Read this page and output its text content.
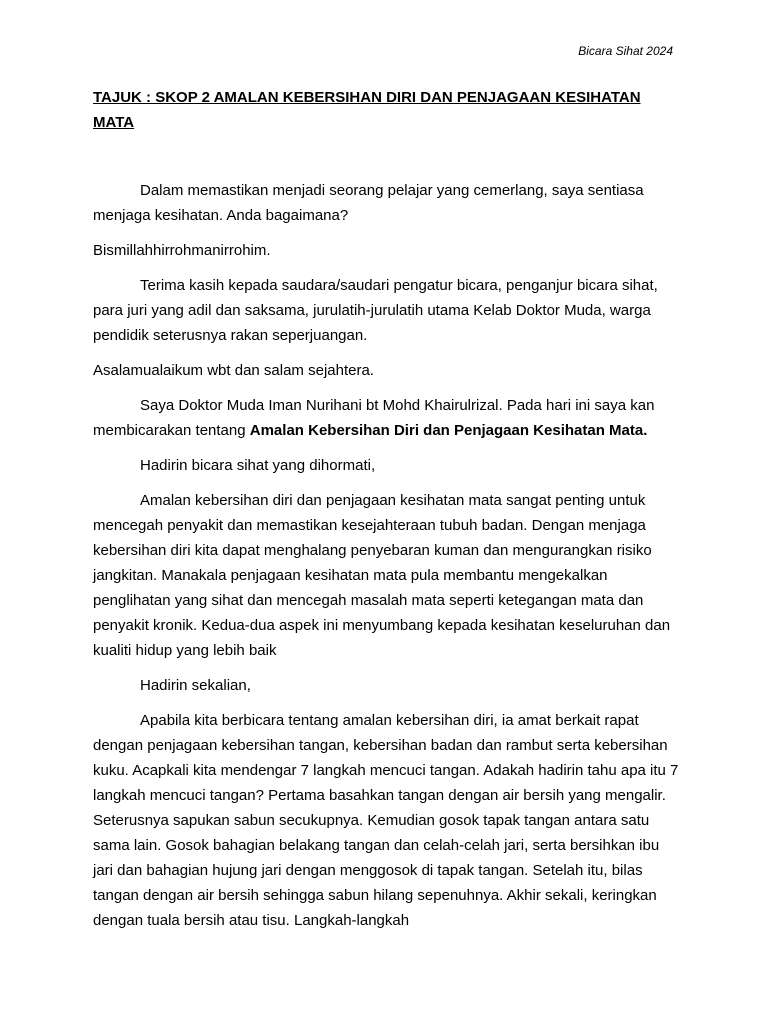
Bicara Sihat 2024
TAJUK : SKOP 2 AMALAN KEBERSIHAN DIRI DAN PENJAGAAN KESIHATAN MATA

Dalam memastikan menjadi seorang pelajar yang cemerlang, saya sentiasa menjaga kesihatan. Anda bagaimana?

Bismillahhirrohmanirrohim.

Terima kasih kepada saudara/saudari pengatur bicara, penganjur bicara sihat, para juri yang adil dan saksama, jurulatih-jurulatih utama Kelab Doktor Muda, warga pendidik seterusnya rakan seperjuangan.

Asalamualaikum wbt dan salam sejahtera.

Saya Doktor Muda Iman Nurihani bt Mohd Khairulrizal. Pada hari ini saya kan membicarakan tentang Amalan Kebersihan Diri dan Penjagaan Kesihatan Mata.

Hadirin bicara sihat yang dihormati,

Amalan kebersihan diri dan penjagaan kesihatan mata sangat penting untuk mencegah penyakit dan memastikan kesejahteraan tubuh badan. Dengan menjaga kebersihan diri kita dapat menghalang penyebaran kuman dan mengurangkan risiko jangkitan. Manakala penjagaan kesihatan mata pula membantu mengekalkan penglihatan yang sihat dan mencegah masalah mata seperti ketegangan mata dan penyakit kronik. Kedua-dua aspek ini menyumbang kepada kesihatan keseluruhan dan kualiti hidup yang lebih baik

Hadirin sekalian,

Apabila kita berbicara tentang amalan kebersihan diri, ia amat berkait rapat dengan penjagaan kebersihan tangan, kebersihan badan dan rambut serta kebersihan kuku. Acapkali kita mendengar 7 langkah mencuci tangan. Adakah hadirin tahu apa itu 7 langkah mencuci tangan? Pertama basahkan tangan dengan air bersih yang mengalir. Seterusnya sapukan sabun secukupnya. Kemudian gosok tapak tangan antara satu sama lain. Gosok bahagian belakang tangan dan celah-celah jari, serta bersihkan ibu jari dan bahagian hujung jari dengan menggosok di tapak tangan. Setelah itu, bilas tangan dengan air bersih sehingga sabun hilang sepenuhnya. Akhir sekali, keringkan dengan tuala bersih atau tisu. Langkah-langkah
